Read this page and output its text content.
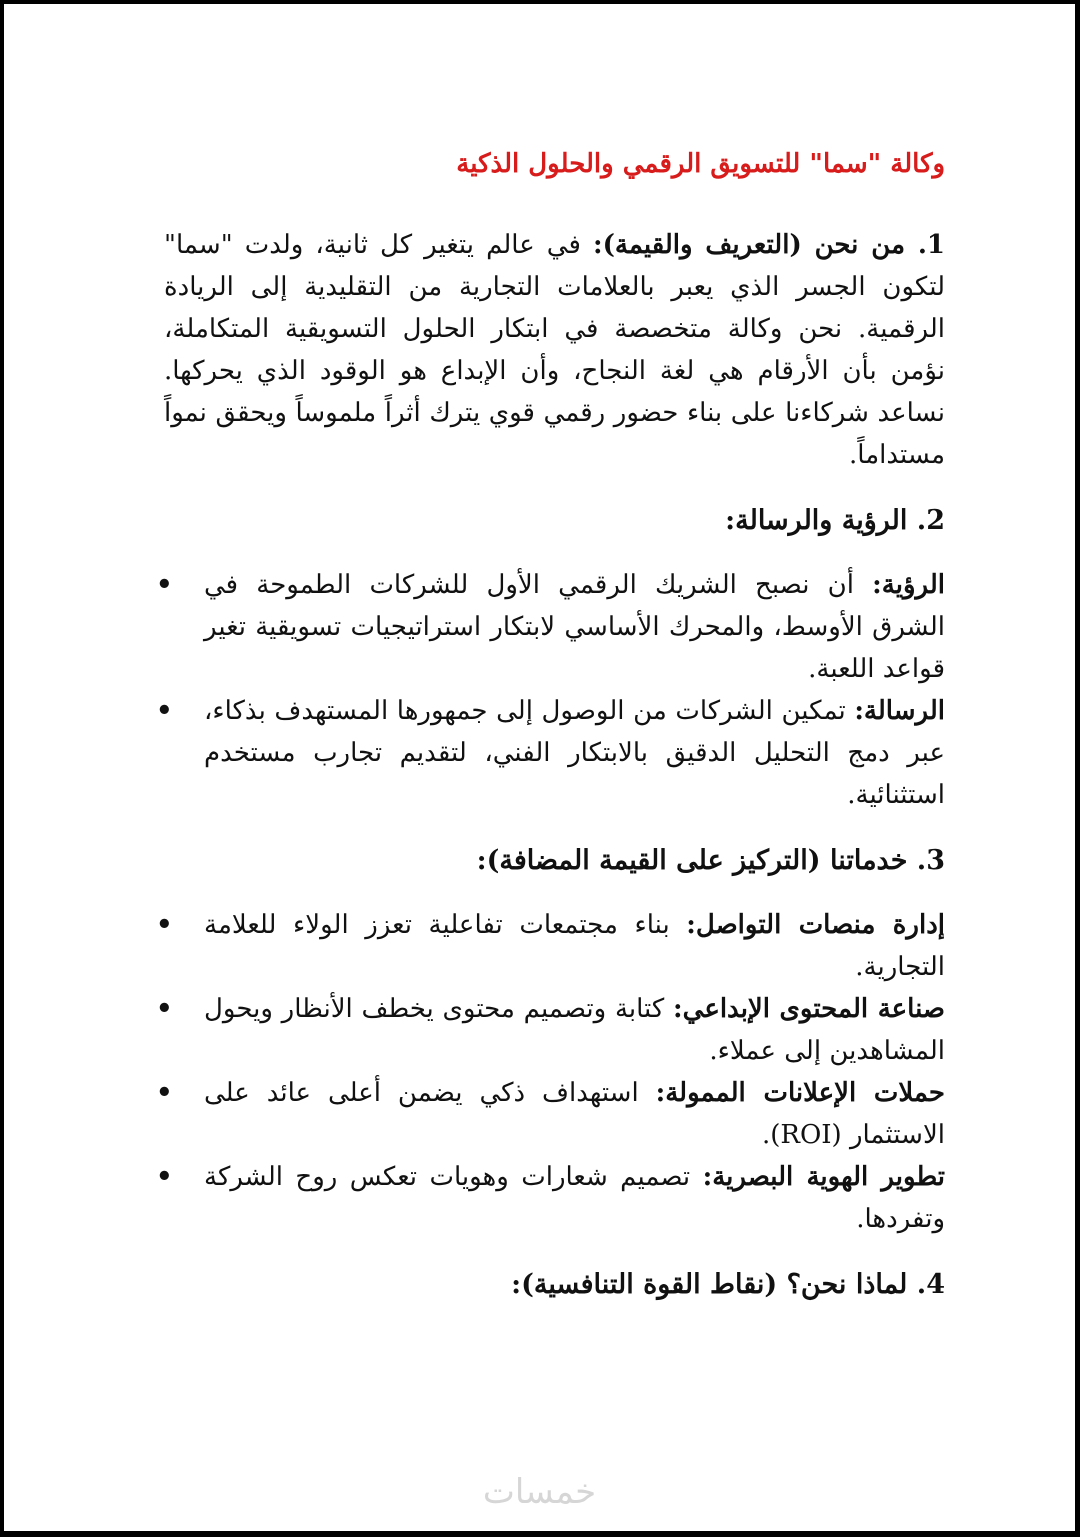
وكالة "سما" للتسويق الرقمي والحلول الذكية

1. من نحن (التعريف والقيمة): في عالم يتغير كل ثانية، ولدت "سما" لتكون الجسر الذي يعبر بالعلامات التجارية من التقليدية إلى الريادة الرقمية. نحن وكالة متخصصة في ابتكار الحلول التسويقية المتكاملة، نؤمن بأن الأرقام هي لغة النجاح، وأن الإبداع هو الوقود الذي يحركها. نساعد شركاءنا على بناء حضور رقمي قوي يترك أثراً ملموساً ويحقق نمواً مستداماً.

2. الرؤية والرسالة:
•	الرؤية: أن نصبح الشريك الرقمي الأول للشركات الطموحة في الشرق الأوسط، والمحرك الأساسي لابتكار استراتيجيات تسويقية تغير قواعد اللعبة.
•	الرسالة: تمكين الشركات من الوصول إلى جمهورها المستهدف بذكاء، عبر دمج التحليل الدقيق بالابتكار الفني، لتقديم تجارب مستخدم استثنائية.
3. خدماتنا (التركيز على القيمة المضافة):
•	إدارة منصات التواصل: بناء مجتمعات تفاعلية تعزز الولاء للعلامة التجارية.
•	صناعة المحتوى الإبداعي: كتابة وتصميم محتوى يخطف الأنظار ويحول المشاهدين إلى عملاء.
•	حملات الإعلانات الممولة: استهداف ذكي يضمن أعلى عائد على الاستثمار (ROI).
•	تطوير الهوية البصرية: تصميم شعارات وهويات تعكس روح الشركة وتفردها.
4. لماذا نحن؟ (نقاط القوة التنافسية):
خمسات
